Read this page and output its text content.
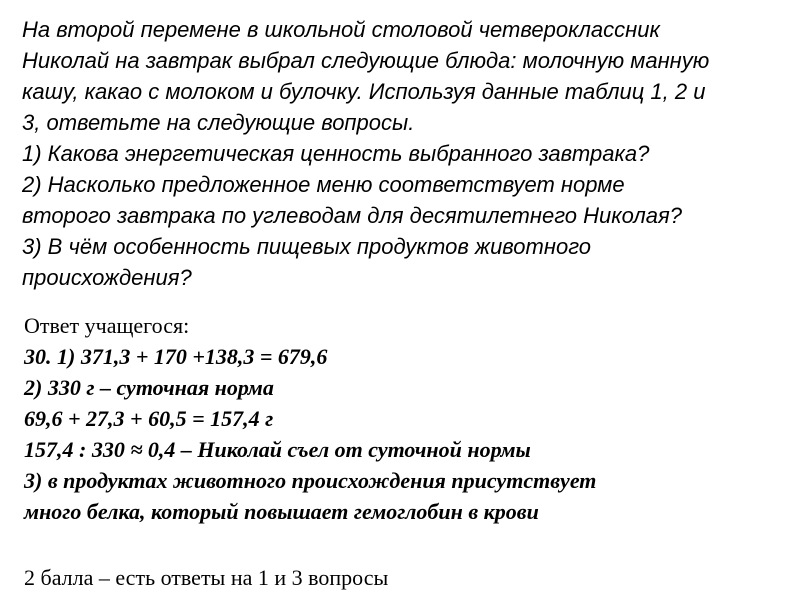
На второй перемене в школьной столовой четвероклассник
Николай на завтрак выбрал следующие блюда: молочную манную
кашу, какао с молоком и булочку. Используя данные таблиц 1, 2 и
3, ответьте на следующие вопросы.
1) Какова энергетическая ценность выбранного завтрака?
2) Насколько предложенное меню соответствует норме
второго завтрака по углеводам для десятилетнего Николая?
3) В чём особенность пищевых продуктов животного
происхождения?
Ответ учащегося:
30. 1) 371,3 + 170 +138,3 = 679,6
2) 330 г – суточная норма
69,6 + 27,3 + 60,5 = 157,4 г
157,4 : 330 ≈ 0,4 – Николай съел от суточной нормы
3) в продуктах животного происхождения присутствует
много белка, который повышает гемоглобин в крови
2 балла – есть ответы на 1 и 3 вопросы
